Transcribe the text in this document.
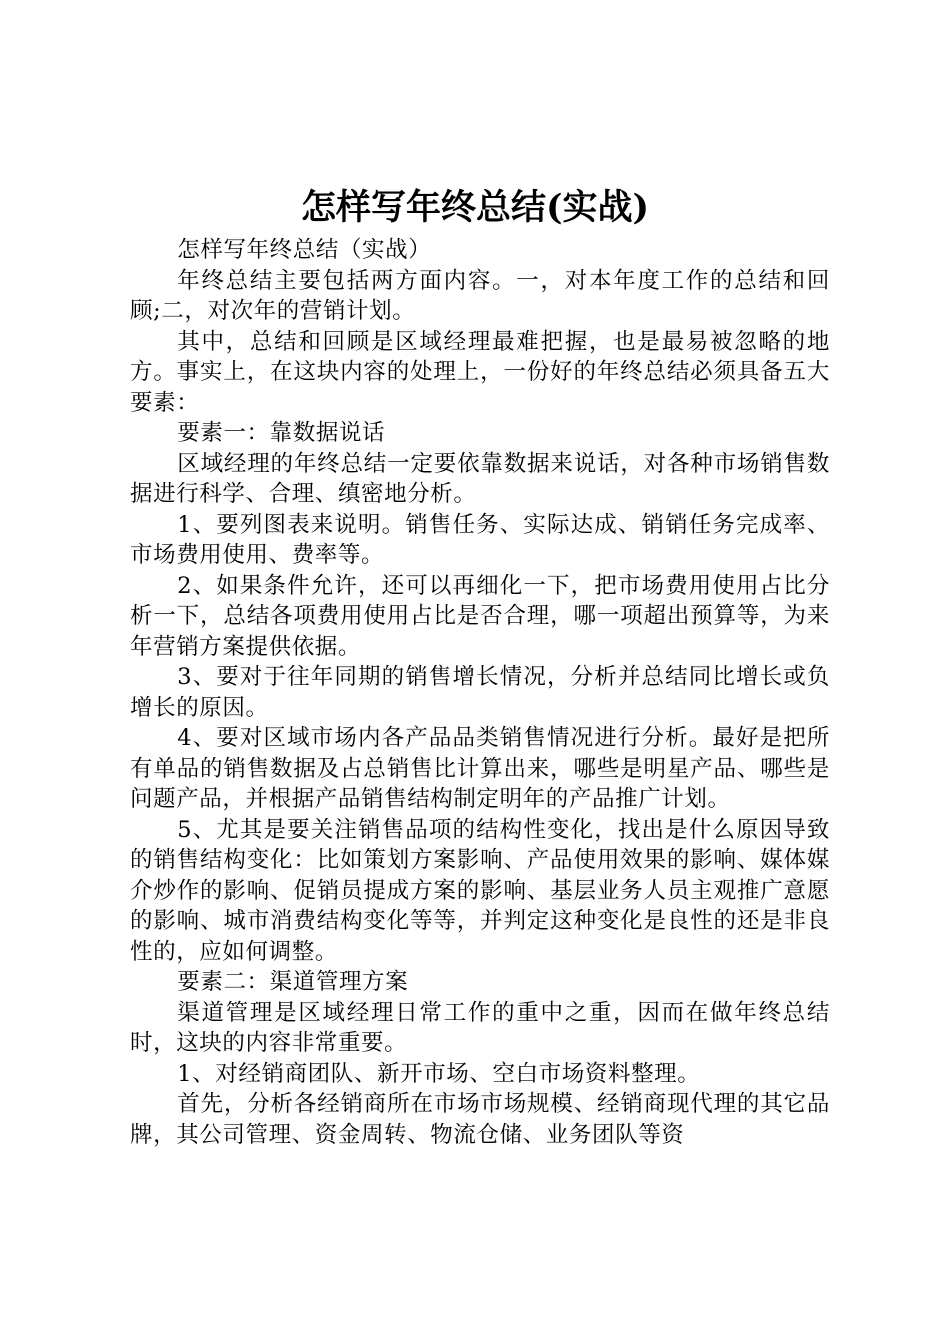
怎样写年终总结(实战)

怎样写年终总结（实战）

年终总结主要包括两方面内容。一，对本年度工作的总结和回顾;二，对次年的营销计划。

其中，总结和回顾是区域经理最难把握，也是最易被忽略的地方。事实上，在这块内容的处理上，一份好的年终总结必须具备五大要素：

要素一：靠数据说话

区域经理的年终总结一定要依靠数据来说话，对各种市场销售数据进行科学、合理、缜密地分析。

1、要列图表来说明。销售任务、实际达成、销销任务完成率、市场费用使用、费率等。

2、如果条件允许，还可以再细化一下，把市场费用使用占比分析一下，总结各项费用使用占比是否合理，哪一项超出预算等，为来年营销方案提供依据。

3、要对于往年同期的销售增长情况，分析并总结同比增长或负增长的原因。

4、要对区域市场内各产品品类销售情况进行分析。最好是把所有单品的销售数据及占总销售比计算出来，哪些是明星产品、哪些是问题产品，并根据产品销售结构制定明年的产品推广计划。

5、尤其是要关注销售品项的结构性变化，找出是什么原因导致的销售结构变化：比如策划方案影响、产品使用效果的影响、媒体媒介炒作的影响、促销员提成方案的影响、基层业务人员主观推广意愿的影响、城市消费结构变化等等，并判定这种变化是良性的还是非良性的，应如何调整。

要素二：渠道管理方案

渠道管理是区域经理日常工作的重中之重，因而在做年终总结时，这块的内容非常重要。

1、对经销商团队、新开市场、空白市场资料整理。

首先，分析各经销商所在市场市场规模、经销商现代理的其它品牌，其公司管理、资金周转、物流仓储、业务团队等资
